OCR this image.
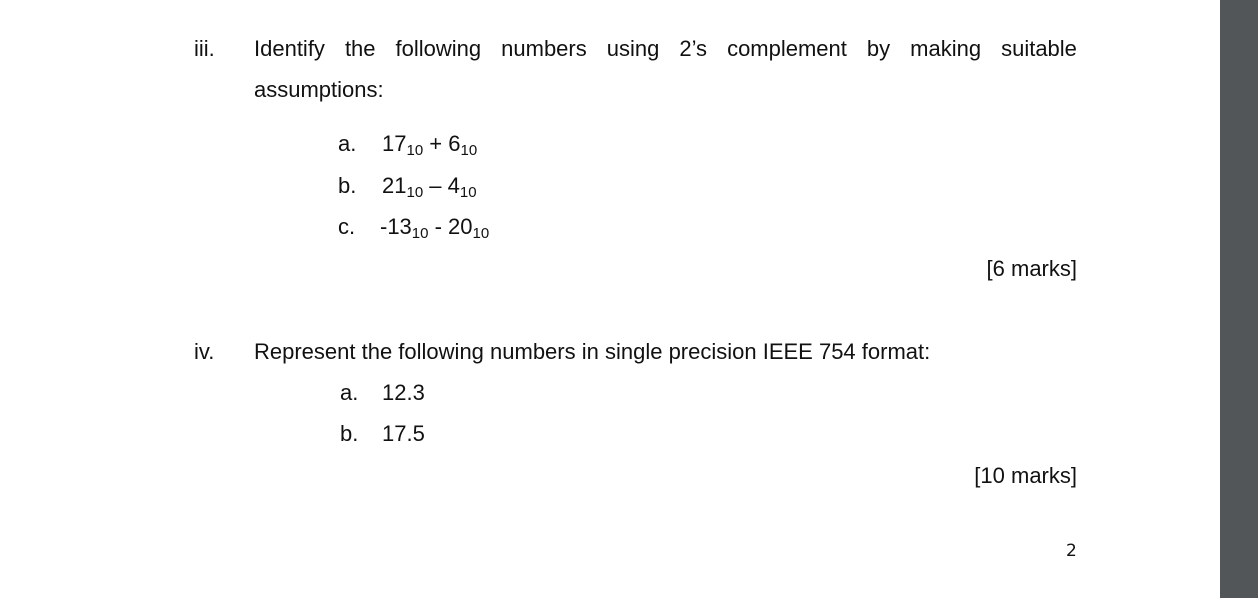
iii. Identify the following numbers using 2’s complement by making suitable
assumptions:
a. $17_{10} + 6_{10}$
b. $21_{10} - 4_{10}$
c. $-13_{10} - 20_{10}$
[6 marks]
iv. Represent the following numbers in single precision IEEE 754 format:
a. 12.3
b. 17.5
[10 marks]
2
